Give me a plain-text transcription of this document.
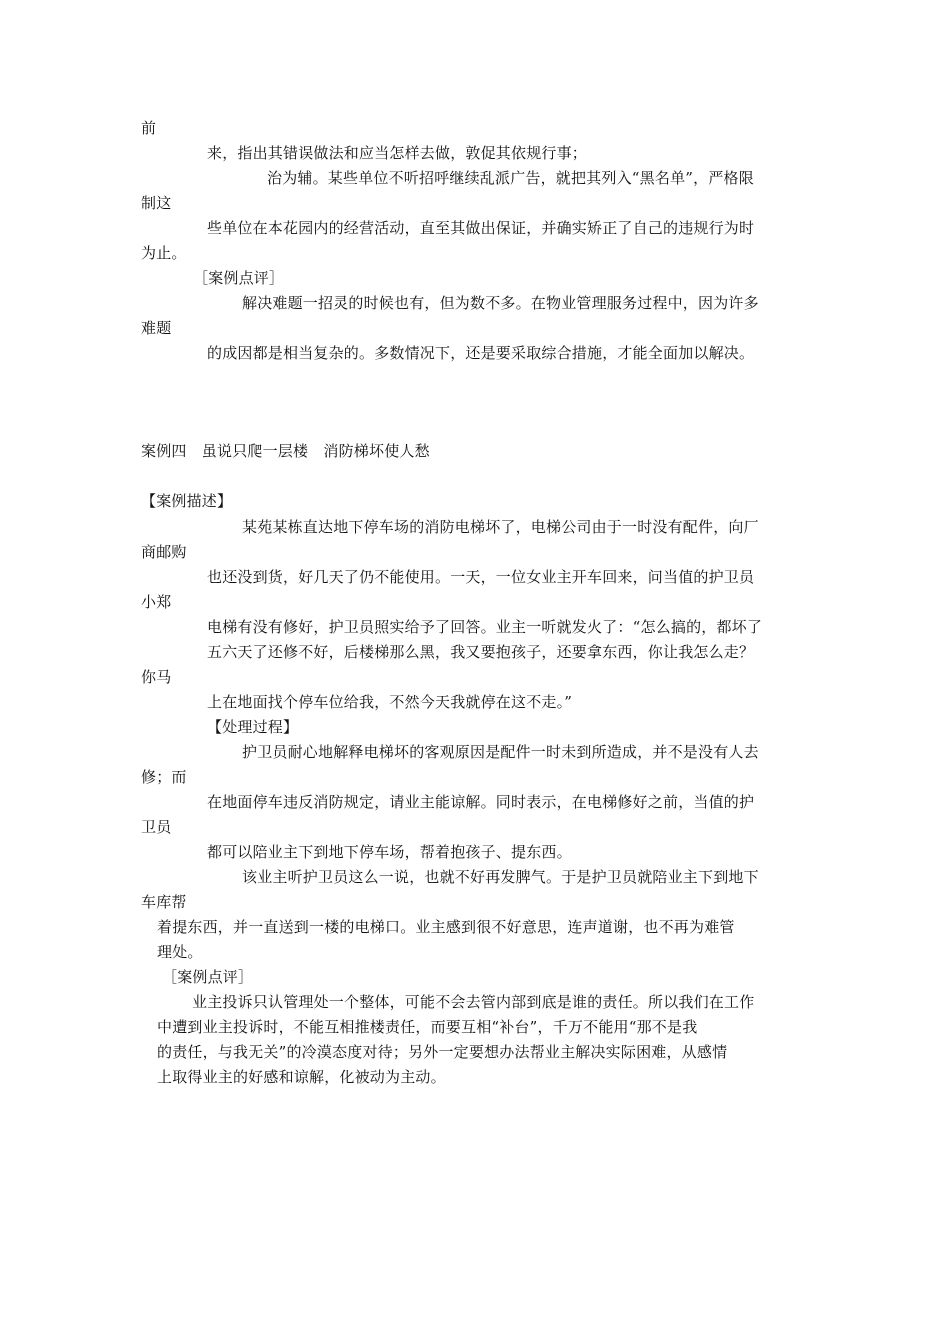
前
来，指出其错误做法和应当怎样去做，敦促其依规行事；
治为辅。某些单位不听招呼继续乱派广告，就把其列入“黑名单”，严格限
制这
些单位在本花园内的经营活动，直至其做出保证，并确实矫正了自己的违规行为时
为止。
［案例点评］
解决难题一招灵的时候也有，但为数不多。在物业管理服务过程中，因为许多
难题
的成因都是相当复杂的。多数情况下，还是要采取综合措施，才能全面加以解决。
案例四　虽说只爬一层楼　消防梯坏使人愁
【案例描述】
某苑某栋直达地下停车场的消防电梯坏了，电梯公司由于一时没有配件，向厂
商邮购
也还没到货，好几天了仍不能使用。一天，一位女业主开车回来，问当值的护卫员
小郑
电梯有没有修好，护卫员照实给予了回答。业主一听就发火了：“怎么搞的，都坏了
五六天了还修不好，后楼梯那么黑，我又要抱孩子，还要拿东西，你让我怎么走？
你马
上在地面找个停车位给我，不然今天我就停在这不走。”
【处理过程】
护卫员耐心地解释电梯坏的客观原因是配件一时未到所造成，并不是没有人去
修；而
在地面停车违反消防规定，请业主能谅解。同时表示，在电梯修好之前，当值的护
卫员
都可以陪业主下到地下停车场，帮着抱孩子、提东西。
该业主听护卫员这么一说，也就不好再发脾气。于是护卫员就陪业主下到地下
车库帮
着提东西，并一直送到一楼的电梯口。业主感到很不好意思，连声道谢，也不再为难管
理处。
［案例点评］
业主投诉只认管理处一个整体，可能不会去管内部到底是谁的责任。所以我们在工作
中遭到业主投诉时，不能互相推楼责任，而要互相“补台”，千万不能用“那不是我
的责任，与我无关”的冷漠态度对待；另外一定要想办法帮业主解决实际困难，从感情
上取得业主的好感和谅解，化被动为主动。
